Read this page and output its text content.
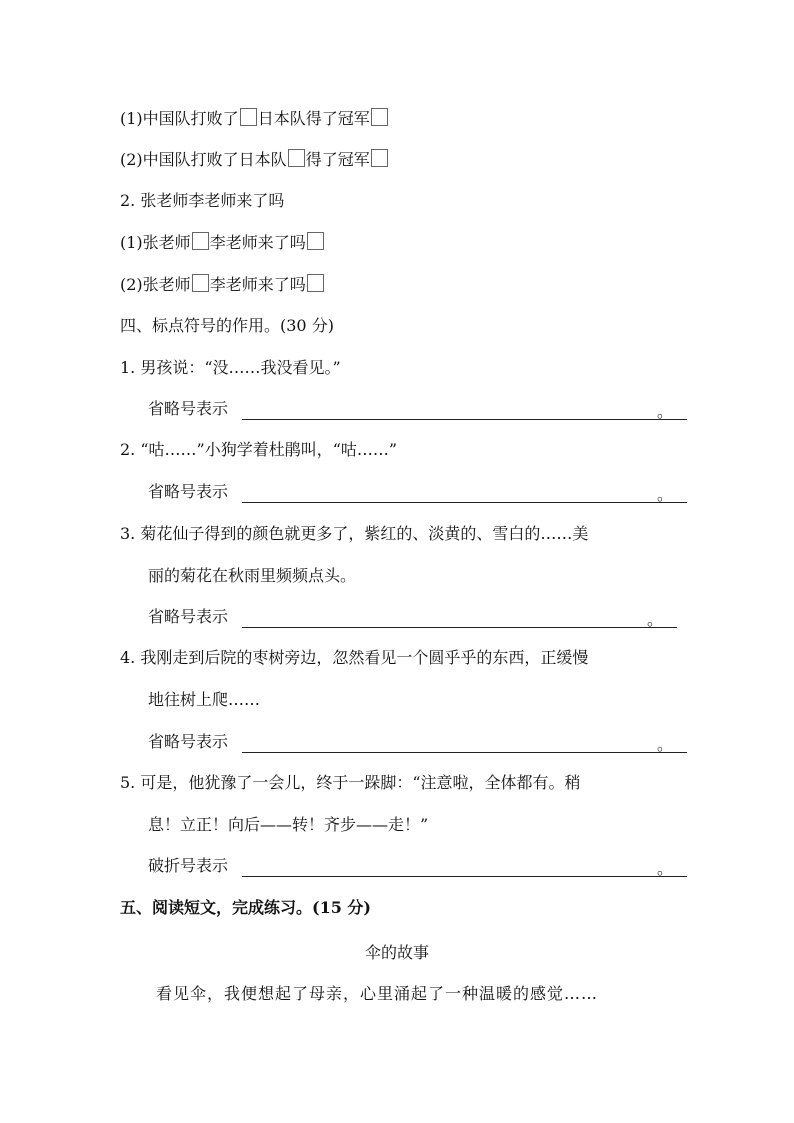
(1)中国队打败了 日本队得了冠军
(2)中国队打败了日本队 得了冠军
2. 张老师李老师来了吗
(1)张老师 李老师来了吗
(2)张老师 李老师来了吗
四、标点符号的作用。(30 分)
1. 男孩说：“没……我没看见。”
省略号表示	。
2. “咕……”小狗学着杜鹃叫，“咕……”
省略号表示	。
3. 菊花仙子得到的颜色就更多了，紫红的、淡黄的、雪白的……美
丽的菊花在秋雨里频频点头。
省略号表示	。
4. 我刚走到后院的枣树旁边，忽然看见一个圆乎乎的东西，正缓慢
地往树上爬……
省略号表示	。
5. 可是，他犹豫了一会儿，终于一跺脚：“注意啦，全体都有。稍
息！立正！向后——转！齐步——走！”
破折号表示	。
五、阅读短文，完成练习。(15 分)
伞的故事
看见伞，我便想起了母亲，心里涌起了一种温暖的感觉……
